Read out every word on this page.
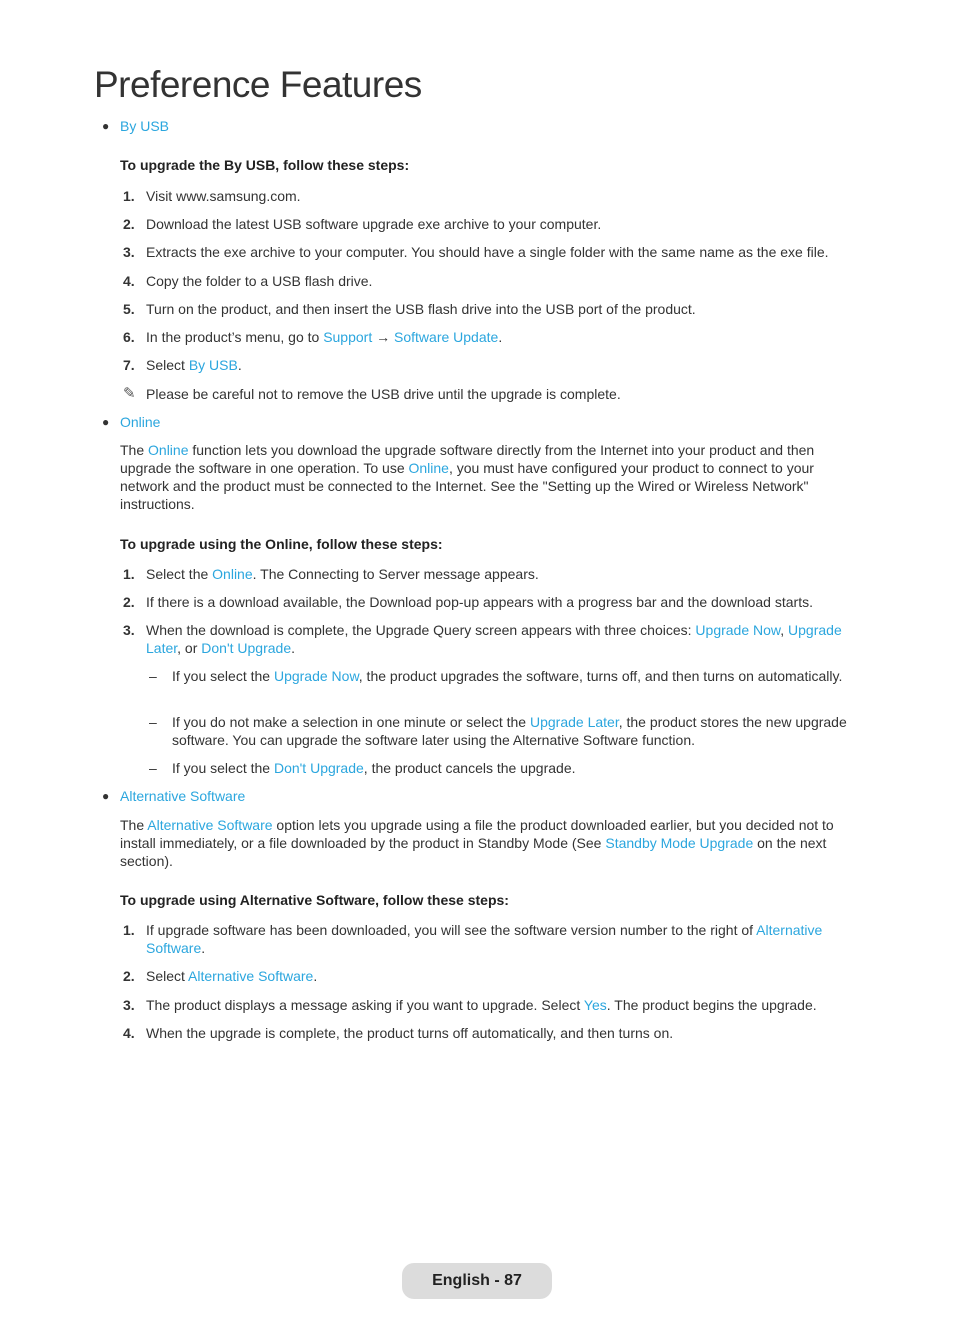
Preference Features
● By USB
To upgrade the By USB, follow these steps:
1. Visit www.samsung.com.
2. Download the latest USB software upgrade exe archive to your computer.
3. Extracts the exe archive to your computer. You should have a single folder with the same name as the exe file.
4. Copy the folder to a USB flash drive.
5. Turn on the product, and then insert the USB flash drive into the USB port of the product.
6. In the product’s menu, go to Support → Software Update.
7. Select By USB.
✎ Please be careful not to remove the USB drive until the upgrade is complete.
● Online
The Online function lets you download the upgrade software directly from the Internet into your product and then upgrade the software in one operation. To use Online, you must have configured your product to connect to your network and the product must be connected to the Internet. See the "Setting up the Wired or Wireless Network" instructions.
To upgrade using the Online, follow these steps:
1. Select the Online. The Connecting to Server message appears.
2. If there is a download available, the Download pop-up appears with a progress bar and the download starts.
3. When the download is complete, the Upgrade Query screen appears with three choices: Upgrade Now, Upgrade Later, or Don't Upgrade.
– If you select the Upgrade Now, the product upgrades the software, turns off, and then turns on automatically.
– If you do not make a selection in one minute or select the Upgrade Later, the product stores the new upgrade software. You can upgrade the software later using the Alternative Software function.
– If you select the Don't Upgrade, the product cancels the upgrade.
● Alternative Software
The Alternative Software option lets you upgrade using a file the product downloaded earlier, but you decided not to install immediately, or a file downloaded by the product in Standby Mode (See Standby Mode Upgrade on the next section).
To upgrade using Alternative Software, follow these steps:
1. If upgrade software has been downloaded, you will see the software version number to the right of Alternative Software.
2. Select Alternative Software.
3. The product displays a message asking if you want to upgrade. Select Yes. The product begins the upgrade.
4. When the upgrade is complete, the product turns off automatically, and then turns on.
English - 87
